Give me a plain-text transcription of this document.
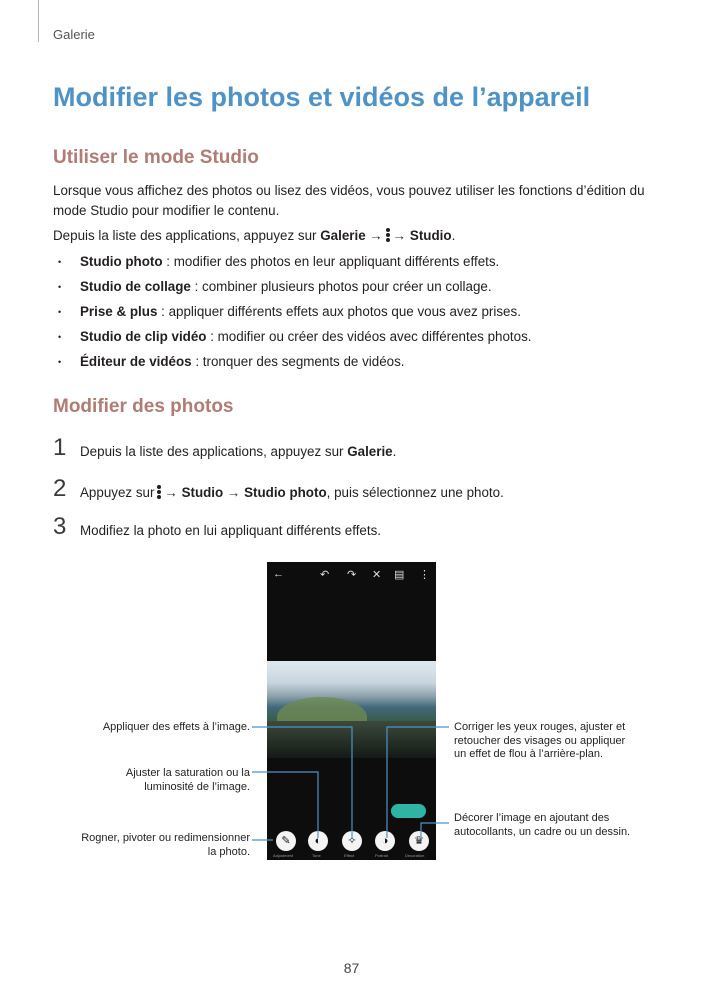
Galerie
Modifier les photos et vidéos de l’appareil
Utiliser le mode Studio

Lorsque vous affichez des photos ou lisez des vidéos, vous pouvez utiliser les fonctions d’édition du
mode Studio pour modifier le contenu.

Depuis la liste des applications, appuyez sur Galerie → → Studio.

• Studio photo : modifier des photos en leur appliquant différents effets.
• Studio de collage : combiner plusieurs photos pour créer un collage.
• Prise & plus : appliquer différents effets aux photos que vous avez prises.
• Studio de clip vidéo : modifier ou créer des vidéos avec différentes photos.
• Éditeur de vidéos : tronquer des segments de vidéos.
Modifier des photos
1 Depuis la liste des applications, appuyez sur Galerie.
2 Appuyez sur → Studio → Studio photo, puis sélectionnez une photo.
3 Modifiez la photo en lui appliquant différents effets.
←	↶ ↷ ✕ ▤ ⋮
✎	◐	✧	◑	♛
Adjustment	Tone	Effect	Portrait	Decoration
Appliquer des effets à l’image.
Ajuster la saturation ou la
luminosité de l’image.
Rogner, pivoter ou redimensionner
la photo.
Corriger les yeux rouges, ajuster et
retoucher des visages ou appliquer
un effet de flou à l’arrière-plan.
Décorer l’image en ajoutant des
autocollants, un cadre ou un dessin.
87
